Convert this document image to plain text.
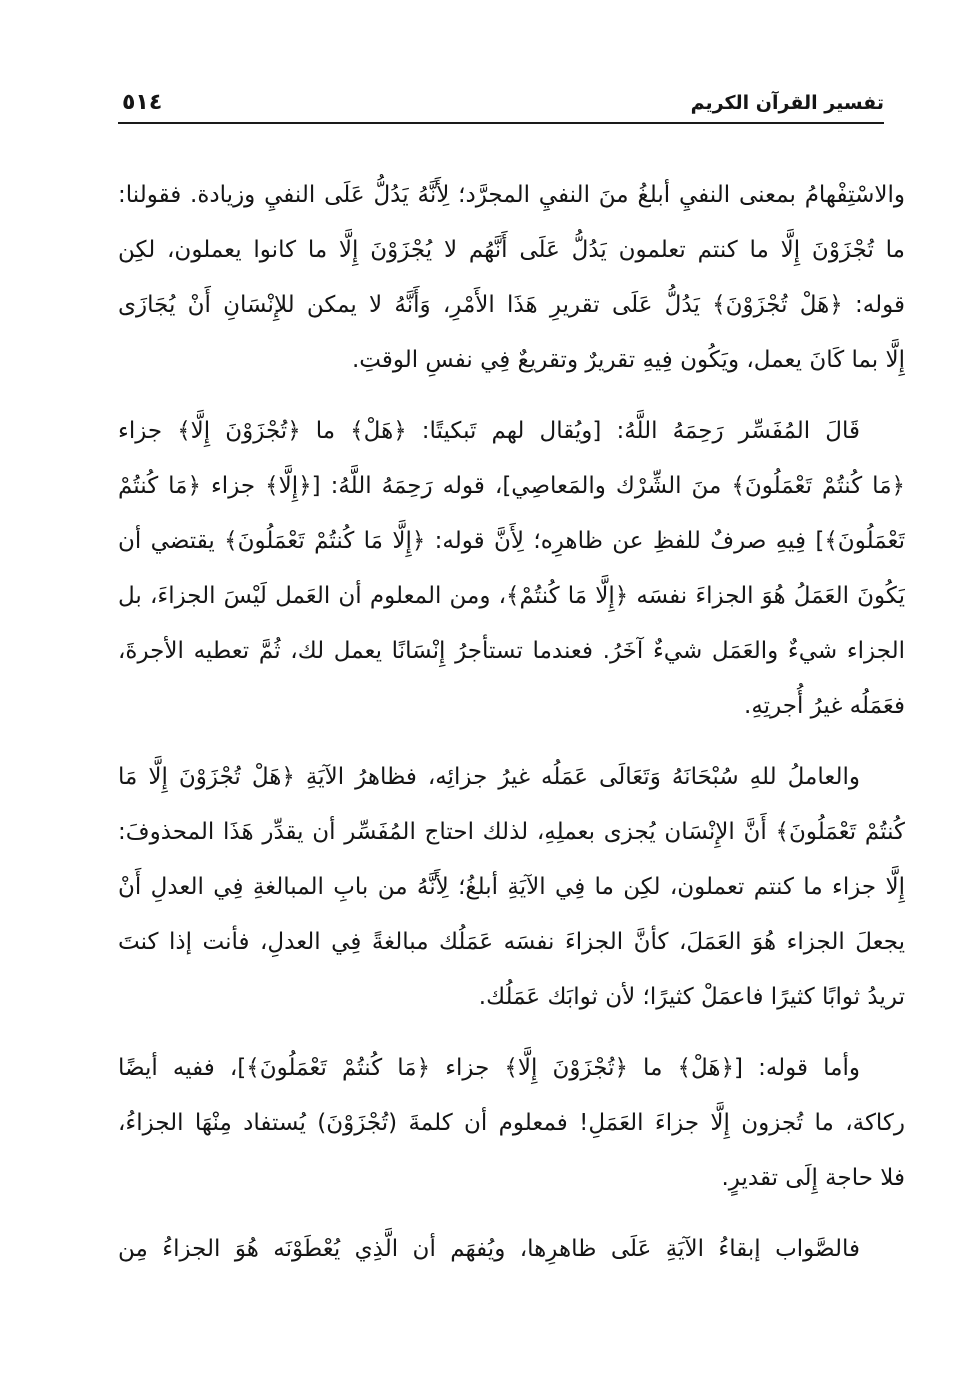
٥١٤	تفسير القرآن الكريم
والاسْتِفْهامُ بمعنى النفيِ أبلغُ منَ النفيِ المجرَّد؛ لِأَنَّهُ يَدُلُّ عَلَى النفيِ وزيادة. فقولنا:
ما تُجْزَوْنَ إِلَّا ما كنتم تعلمون يَدُلُّ عَلَى أَنَّهُم لا يُجْزَوْنَ إِلَّا ما كانوا يعملون، لكِن
قوله: ﴿هَلْ تُجْزَوْنَ﴾ يَدُلُّ عَلَى تقريرِ هَذَا الأَمْرِ، وَأَنَّهُ لا يمكن للإِنْسَانِ أَنْ يُجَازَى
إِلَّا بما كَانَ يعمل، ويَكُون فِيهِ تقريرٌ وتقريعٌ فِي نفسِ الوقتِ.
قَالَ المُفَسِّر رَحِمَهُ اللَّهُ: [ويُقال لهم تَبكيتًا: ﴿هَلْ﴾ ما ﴿تُجْزَوْنَ إِلَّا﴾ جزاء
﴿مَا كُنتُمْ تَعْمَلُونَ﴾ منَ الشِّرْك والمَعاصِي]، قوله رَحِمَهُ اللَّهُ: [﴿إِلَّا﴾ جزاء ﴿مَا كُنتُمْ
تَعْمَلُونَ﴾] فِيهِ صرفٌ للفظِ عن ظاهرِه؛ لِأَنَّ قوله: ﴿إِلَّا مَا كُنتُمْ تَعْمَلُونَ﴾ يقتضي أن
يَكُونَ العَمَلُ هُوَ الجزاءَ نفسَه ﴿إِلَّا مَا كُنتُمْ﴾، ومن المعلوم أن العَمل لَيْسَ الجزاءَ، بل
الجزاء شيءٌ والعَمَل شيءٌ آخَرُ. فعندما تستأجرُ إِنْسَانًا يعمل لك، ثُمَّ تعطيه الأجرةَ،
فعَمَلُه غيرُ أُجرتِهِ.
والعاملُ للهِ سُبْحَانَهُ وَتَعَالَى عَمَلُه غيرُ جزائِه، فظاهرُ الآيَةِ ﴿هَلْ تُجْزَوْنَ إِلَّا مَا
كُنتُمْ تَعْمَلُونَ﴾ أَنَّ الإِنْسَان يُجزى بعملِهِ، لذلك احتاج المُفَسِّر أن يقدِّر هَذَا المحذوفَ:
إِلَّا جزاء ما كنتم تعملون، لكِن ما فِي الآيَةِ أبلغُ؛ لِأَنَّهُ من بابِ المبالغةِ فِي العدلِ أَنْ
يجعلَ الجزاء هُوَ العَمَلَ، كأنَّ الجزاءَ نفسَه عَمَلُك مبالغةً فِي العدلِ، فأنت إذا كنتَ
تريدُ ثوابًا كثيرًا فاعمَلْ كثيرًا؛ لأن ثوابَك عَمَلُك.
وأما قوله: [﴿هَلْ﴾ ما ﴿تُجْزَوْنَ إِلَّا﴾ جزاء ﴿مَا كُنتُمْ تَعْمَلُونَ﴾]، ففيه أيضًا
ركاكة، ما تُجزون إِلَّا جزاءَ العَمَلِ! فمعلوم أن كلمةَ (تُجْزَوْنَ) يُستفاد مِنْهَا الجزاءُ،
فلا حاجة إِلَى تقديرٍ.
فالصَّواب إبقاءُ الآيَةِ عَلَى ظاهرِها، ويُفهَم أن الَّذِي يُعْطَوْنَه هُوَ الجزاءُ مِن
